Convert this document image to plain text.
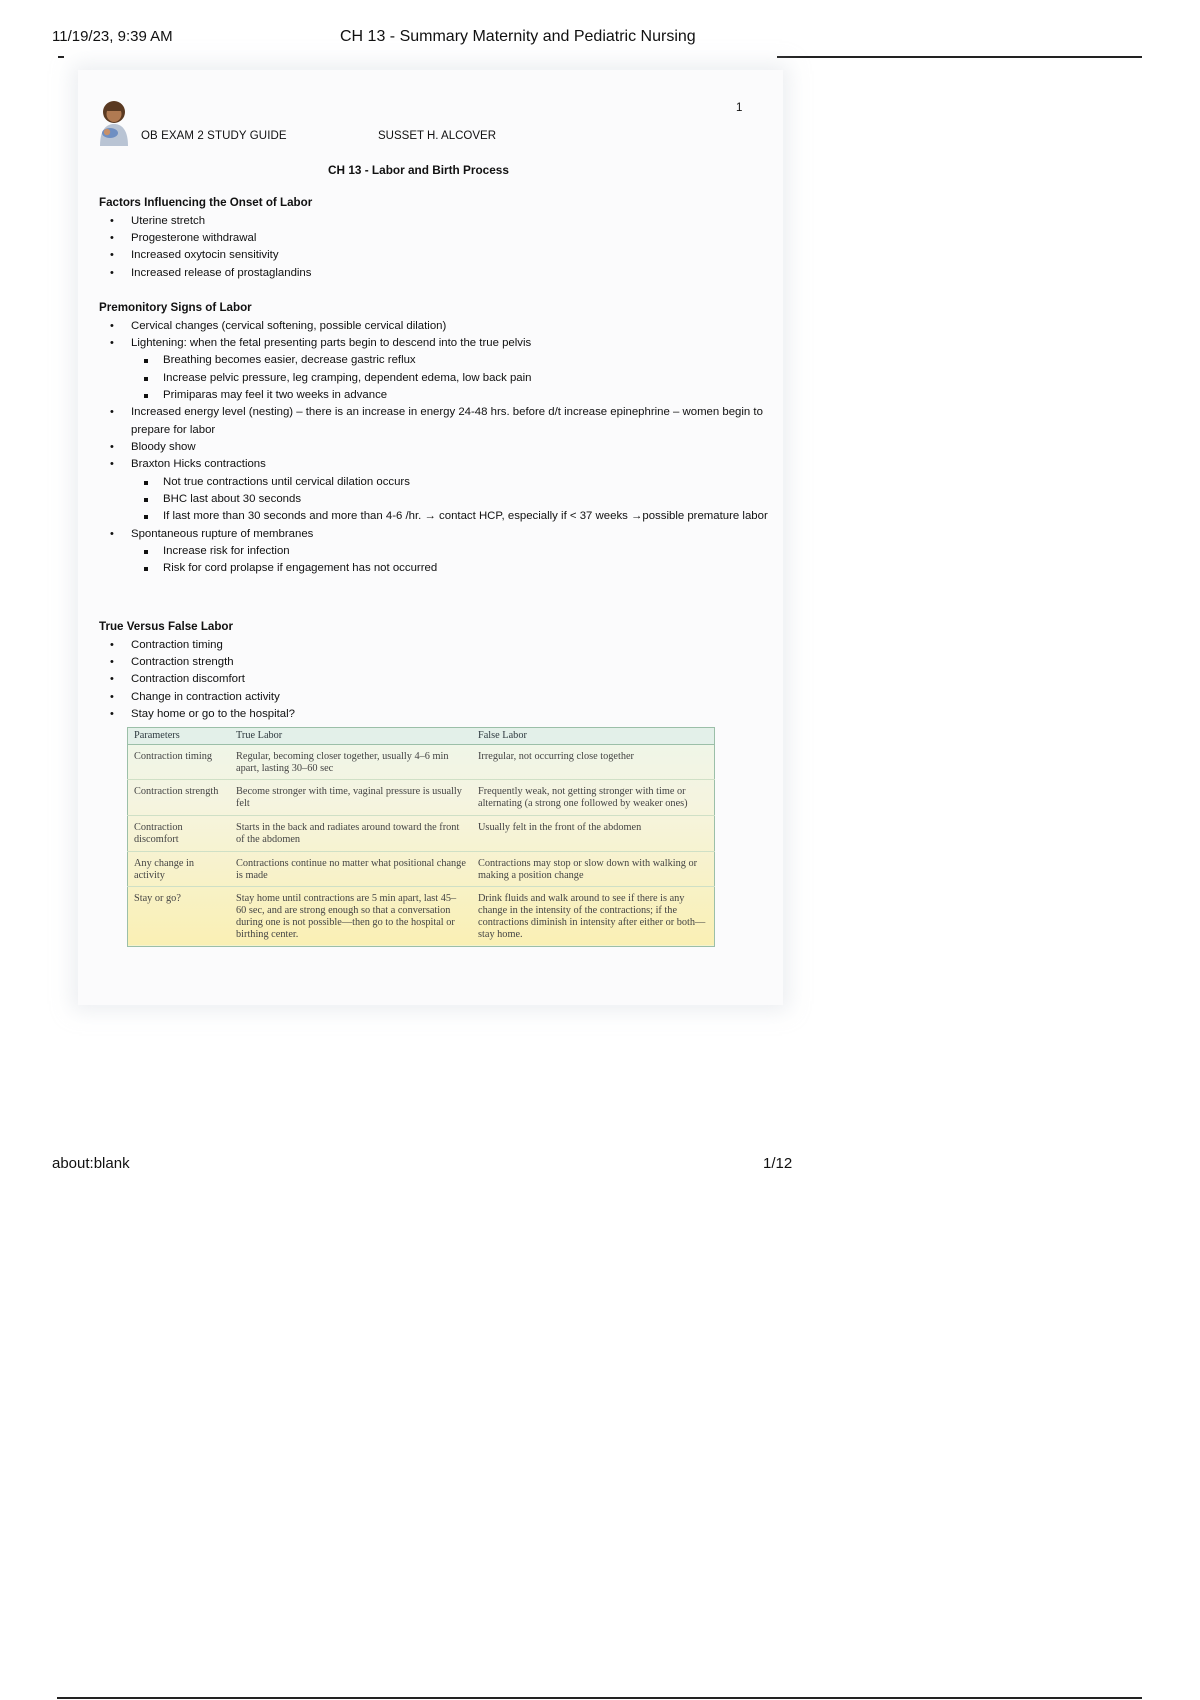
11/19/23, 9:39 AM	CH 13 - Summary Maternity and Pediatric Nursing
1
OB EXAM 2 STUDY GUIDE	SUSSET H. ALCOVER
CH 13 - Labor and Birth Process
Factors Influencing the Onset of Labor
• Uterine stretch
• Progesterone withdrawal
• Increased oxytocin sensitivity
• Increased release of prostaglandins
Premonitory Signs of Labor
• Cervical changes (cervical softening, possible cervical dilation)
• Lightening: when the fetal presenting parts begin to descend into the true pelvis
Breathing becomes easier, decrease gastric reflux
Increase pelvic pressure, leg cramping, dependent edema, low back pain
Primiparas may feel it two weeks in advance
• Increased energy level (nesting) – there is an increase in energy 24-48 hrs. before d/t increase epinephrine – women begin to prepare for labor
• Bloody show
• Braxton Hicks contractions
Not true contractions until cervical dilation occurs
BHC last about 30 seconds
If last more than 30 seconds and more than 4-6 /hr. → contact HCP, especially if < 37 weeks →possible premature labor
• Spontaneous rupture of membranes
Increase risk for infection
Risk for cord prolapse if engagement has not occurred
True Versus False Labor
• Contraction timing
• Contraction strength
• Contraction discomfort
• Change in contraction activity
• Stay home or go to the hospital?
Parameters	True Labor	False Labor
Contraction timing	Regular, becoming closer together, usually 4–6 min apart, lasting 30–60 sec	Irregular, not occurring close together
Contraction strength	Become stronger with time, vaginal pressure is usually felt	Frequently weak, not getting stronger with time or alternating (a strong one followed by weaker ones)
Contraction discomfort	Starts in the back and radiates around toward the front of the abdomen	Usually felt in the front of the abdomen
Any change in activity	Contractions continue no matter what positional change is made	Contractions may stop or slow down with walking or making a position change
Stay or go?	Stay home until contractions are 5 min apart, last 45–60 sec, and are strong enough so that a conversation during one is not possible—then go to the hospital or birthing center.	Drink fluids and walk around to see if there is any change in the intensity of the contractions; if the contractions diminish in intensity after either or both—stay home.
about:blank	1/12
